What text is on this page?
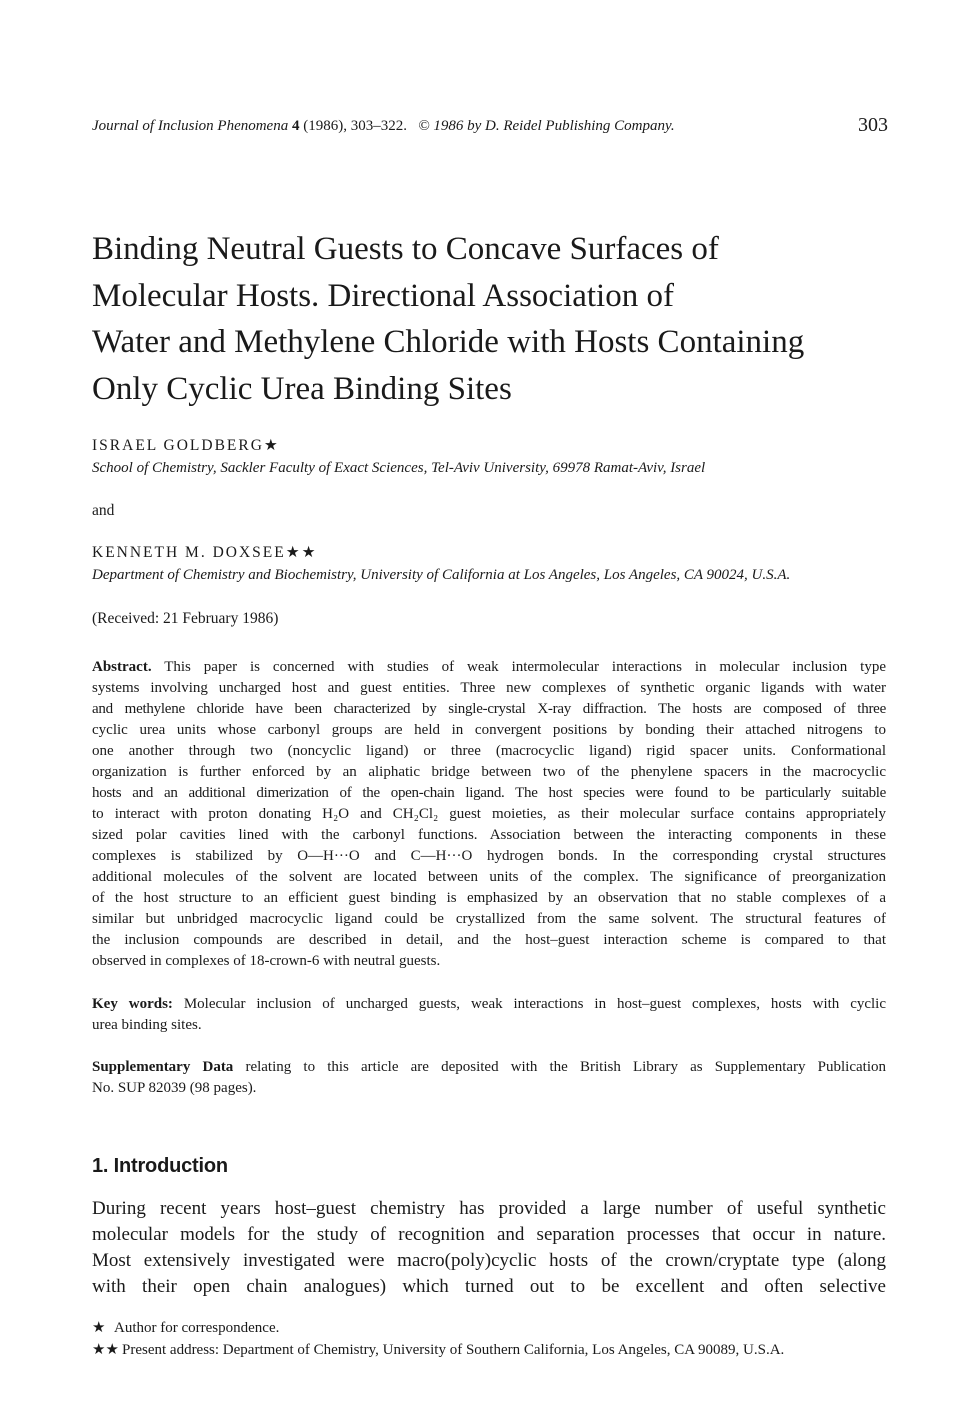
Journal of Inclusion Phenomena 4 (1986), 303–322. © 1986 by D. Reidel Publishing Company.	303
Binding Neutral Guests to Concave Surfaces of
Molecular Hosts. Directional Association of
Water and Methylene Chloride with Hosts Containing
Only Cyclic Urea Binding Sites
ISRAEL GOLDBERG★
School of Chemistry, Sackler Faculty of Exact Sciences, Tel-Aviv University, 69978 Ramat-Aviv, Israel
and
KENNETH M. DOXSEE★★
Department of Chemistry and Biochemistry, University of California at Los Angeles, Los Angeles, CA 90024, U.S.A.
(Received: 21 February 1986)
Abstract. This paper is concerned with studies of weak intermolecular interactions in molecular inclusion type
systems involving uncharged host and guest entities. Three new complexes of synthetic organic ligands with water
and methylene chloride have been characterized by single-crystal X-ray diffraction. The hosts are composed of three
cyclic urea units whose carbonyl groups are held in convergent positions by bonding their attached nitrogens to
one another through two (noncyclic ligand) or three (macrocyclic ligand) rigid spacer units. Conformational
organization is further enforced by an aliphatic bridge between two of the phenylene spacers in the macrocyclic
hosts and an additional dimerization of the open-chain ligand. The host species were found to be particularly suitable
to interact with proton donating H₂O and CH₂Cl₂ guest moieties, as their molecular surface contains appropriately
sized polar cavities lined with the carbonyl functions. Association between the interacting components in these
complexes is stabilized by O—H···O and C—H···O hydrogen bonds. In the corresponding crystal structures
additional molecules of the solvent are located between units of the complex. The significance of preorganization
of the host structure to an efficient guest binding is emphasized by an observation that no stable complexes of a
similar but unbridged macrocyclic ligand could be crystallized from the same solvent. The structural features of
the inclusion compounds are described in detail, and the host–guest interaction scheme is compared to that
observed in complexes of 18-crown-6 with neutral guests.
Key words: Molecular inclusion of uncharged guests, weak interactions in host–guest complexes, hosts with cyclic
urea binding sites.
Supplementary Data relating to this article are deposited with the British Library as Supplementary Publication
No. SUP 82039 (98 pages).
1. Introduction
During recent years host–guest chemistry has provided a large number of useful synthetic
molecular models for the study of recognition and separation processes that occur in nature.
Most extensively investigated were macro(poly)cyclic hosts of the crown/cryptate type (along
with their open chain analogues) which turned out to be excellent and often selective
★ Author for correspondence.
★★ Present address: Department of Chemistry, University of Southern California, Los Angeles, CA 90089, U.S.A.
